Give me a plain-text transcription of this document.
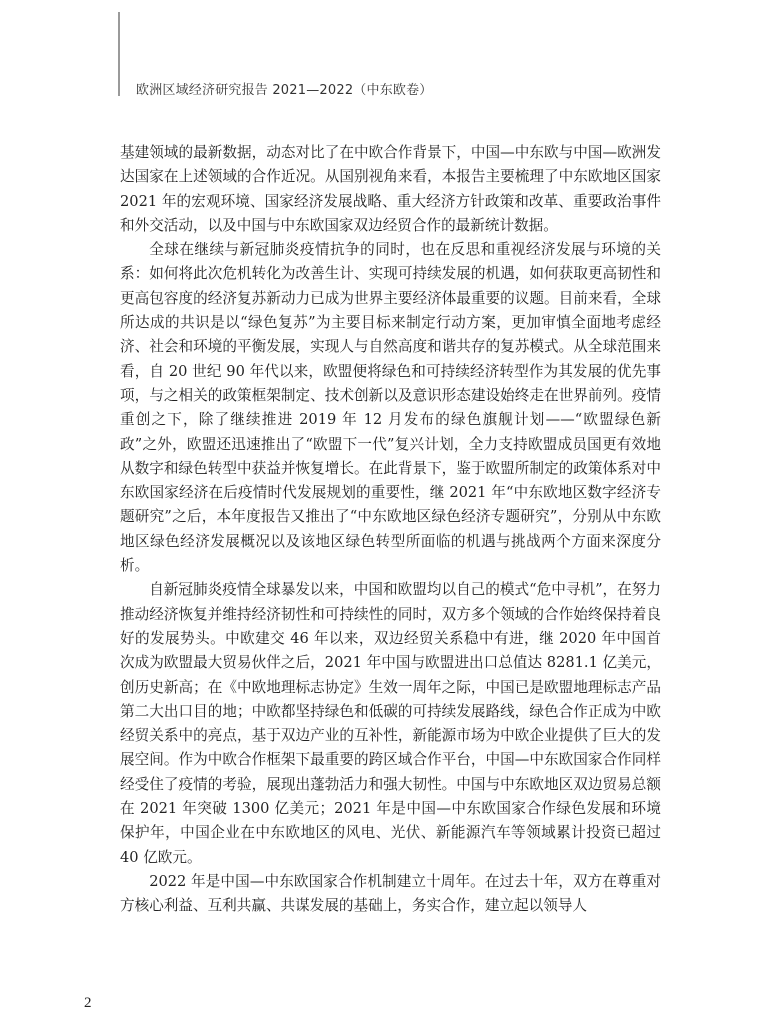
欧洲区域经济研究报告 2021—2022（中东欧卷）

基建领域的最新数据，动态对比了在中欧合作背景下，中国—中东欧与中国—欧洲发达国家在上述领域的合作近况。从国别视角来看，本报告主要梳理了中东欧地区国家 2021 年的宏观环境、国家经济发展战略、重大经济方针政策和改革、重要政治事件和外交活动，以及中国与中东欧国家双边经贸合作的最新统计数据。

全球在继续与新冠肺炎疫情抗争的同时，也在反思和重视经济发展与环境的关系：如何将此次危机转化为改善生计、实现可持续发展的机遇，如何获取更高韧性和更高包容度的经济复苏新动力已成为世界主要经济体最重要的议题。目前来看，全球所达成的共识是以“绿色复苏”为主要目标来制定行动方案，更加审慎全面地考虑经济、社会和环境的平衡发展，实现人与自然高度和谐共存的复苏模式。从全球范围来看，自 20 世纪 90 年代以来，欧盟便将绿色和可持续经济转型作为其发展的优先事项，与之相关的政策框架制定、技术创新以及意识形态建设始终走在世界前列。疫情重创之下，除了继续推进 2019 年 12 月发布的绿色旗舰计划——“欧盟绿色新政”之外，欧盟还迅速推出了“欧盟下一代”复兴计划，全力支持欧盟成员国更有效地从数字和绿色转型中获益并恢复增长。在此背景下，鉴于欧盟所制定的政策体系对中东欧国家经济在后疫情时代发展规划的重要性，继 2021 年“中东欧地区数字经济专题研究”之后，本年度报告又推出了“中东欧地区绿色经济专题研究”，分别从中东欧地区绿色经济发展概况以及该地区绿色转型所面临的机遇与挑战两个方面来深度分析。

自新冠肺炎疫情全球暴发以来，中国和欧盟均以自己的模式“危中寻机”，在努力推动经济恢复并维持经济韧性和可持续性的同时，双方多个领域的合作始终保持着良好的发展势头。中欧建交 46 年以来，双边经贸关系稳中有进，继 2020 年中国首次成为欧盟最大贸易伙伴之后，2021 年中国与欧盟进出口总值达 8281.1 亿美元，创历史新高；在《中欧地理标志协定》生效一周年之际，中国已是欧盟地理标志产品第二大出口目的地；中欧都坚持绿色和低碳的可持续发展路线，绿色合作正成为中欧经贸关系中的亮点，基于双边产业的互补性，新能源市场为中欧企业提供了巨大的发展空间。作为中欧合作框架下最重要的跨区域合作平台，中国—中东欧国家合作同样经受住了疫情的考验，展现出蓬勃活力和强大韧性。中国与中东欧地区双边贸易总额在 2021 年突破 1300 亿美元；2021 年是中国—中东欧国家合作绿色发展和环境保护年，中国企业在中东欧地区的风电、光伏、新能源汽车等领域累计投资已超过 40 亿欧元。

2022 年是中国—中东欧国家合作机制建立十周年。在过去十年，双方在尊重对方核心利益、互利共赢、共谋发展的基础上，务实合作，建立起以领导人

2
